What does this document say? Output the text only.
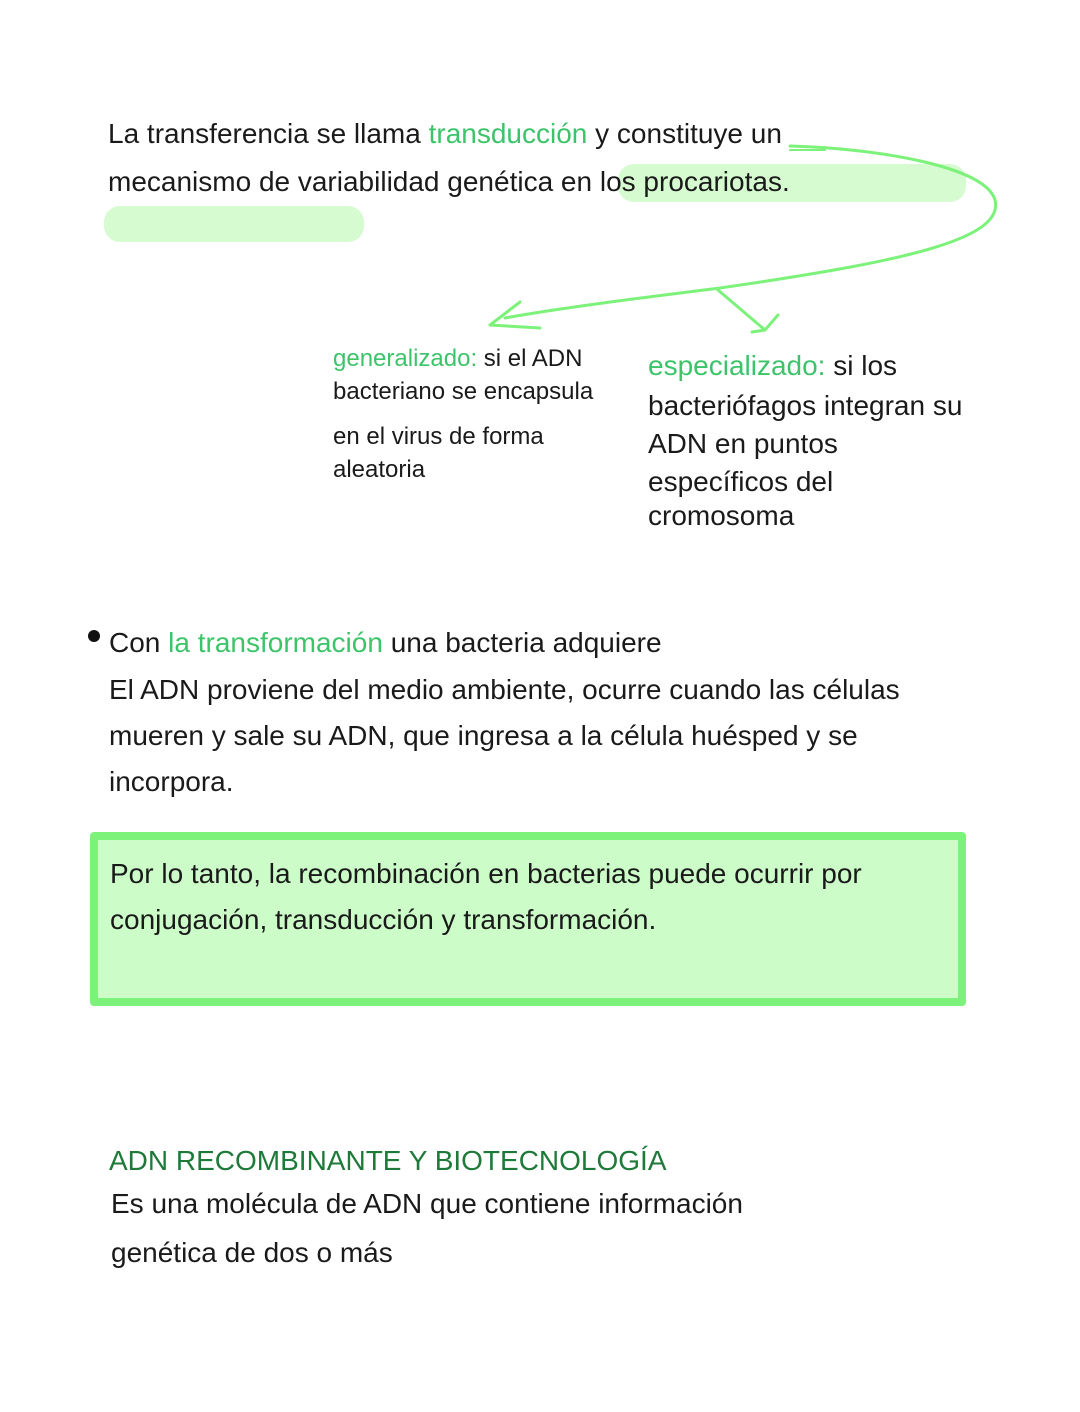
La transferencia se llama transducción y constituye un
mecanismo de variabilidad genética en los procariotas.
generalizado: si el ADN
bacteriano se encapsula
en el virus de forma
aleatoria
especializado: si los
bacteriófagos integran su
ADN en puntos
específicos del
cromosoma
Con la transformación una bacteria adquiere
El ADN proviene del medio ambiente, ocurre cuando las células
mueren y sale su ADN, que ingresa a la célula huésped y se
incorpora.
Por lo tanto, la recombinación en bacterias puede ocurrir por
conjugación, transducción y transformación.
ADN RECOMBINANTE Y BIOTECNOLOGÍA
Es una molécula de ADN que contiene información
genética de dos o más
